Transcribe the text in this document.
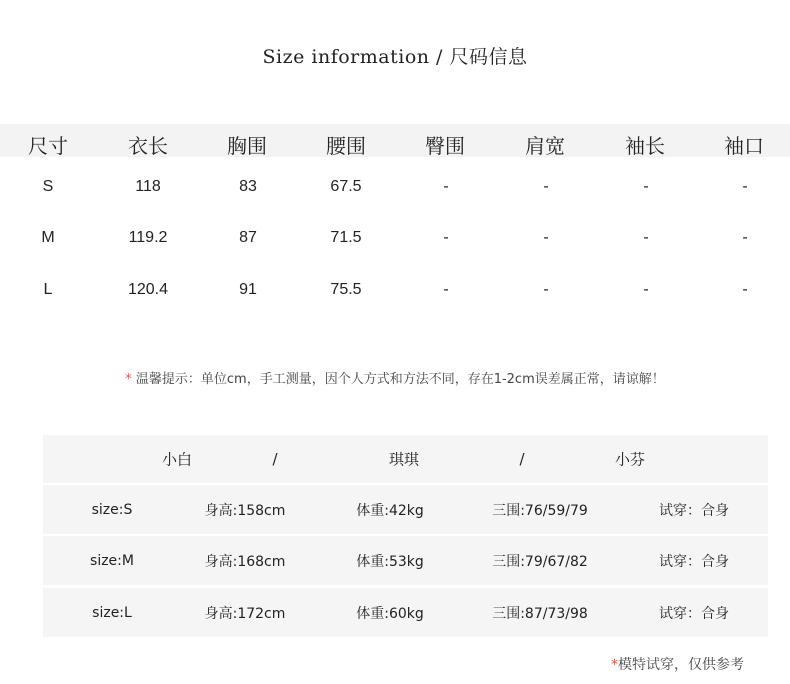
Size information / 尺码信息
尺寸	衣长	胸围	腰围	臀围	肩宽	袖长	袖口
S	118	83	67.5	-	-	-	-
M	119.2	87	71.5	-	-	-	-
L	120.4	91	75.5	-	-	-	-
* 温馨提示：单位cm，手工测量，因个人方式和方法不同，存在1-2cm误差属正常，请谅解！
小白	/	琪琪	/	小芬
size:S	身高:158cm	体重:42kg	三围:76/59/79	试穿：合身
size:M	身高:168cm	体重:53kg	三围:79/67/82	试穿：合身
size:L	身高:172cm	体重:60kg	三围:87/73/98	试穿：合身
*模特试穿，仅供参考
